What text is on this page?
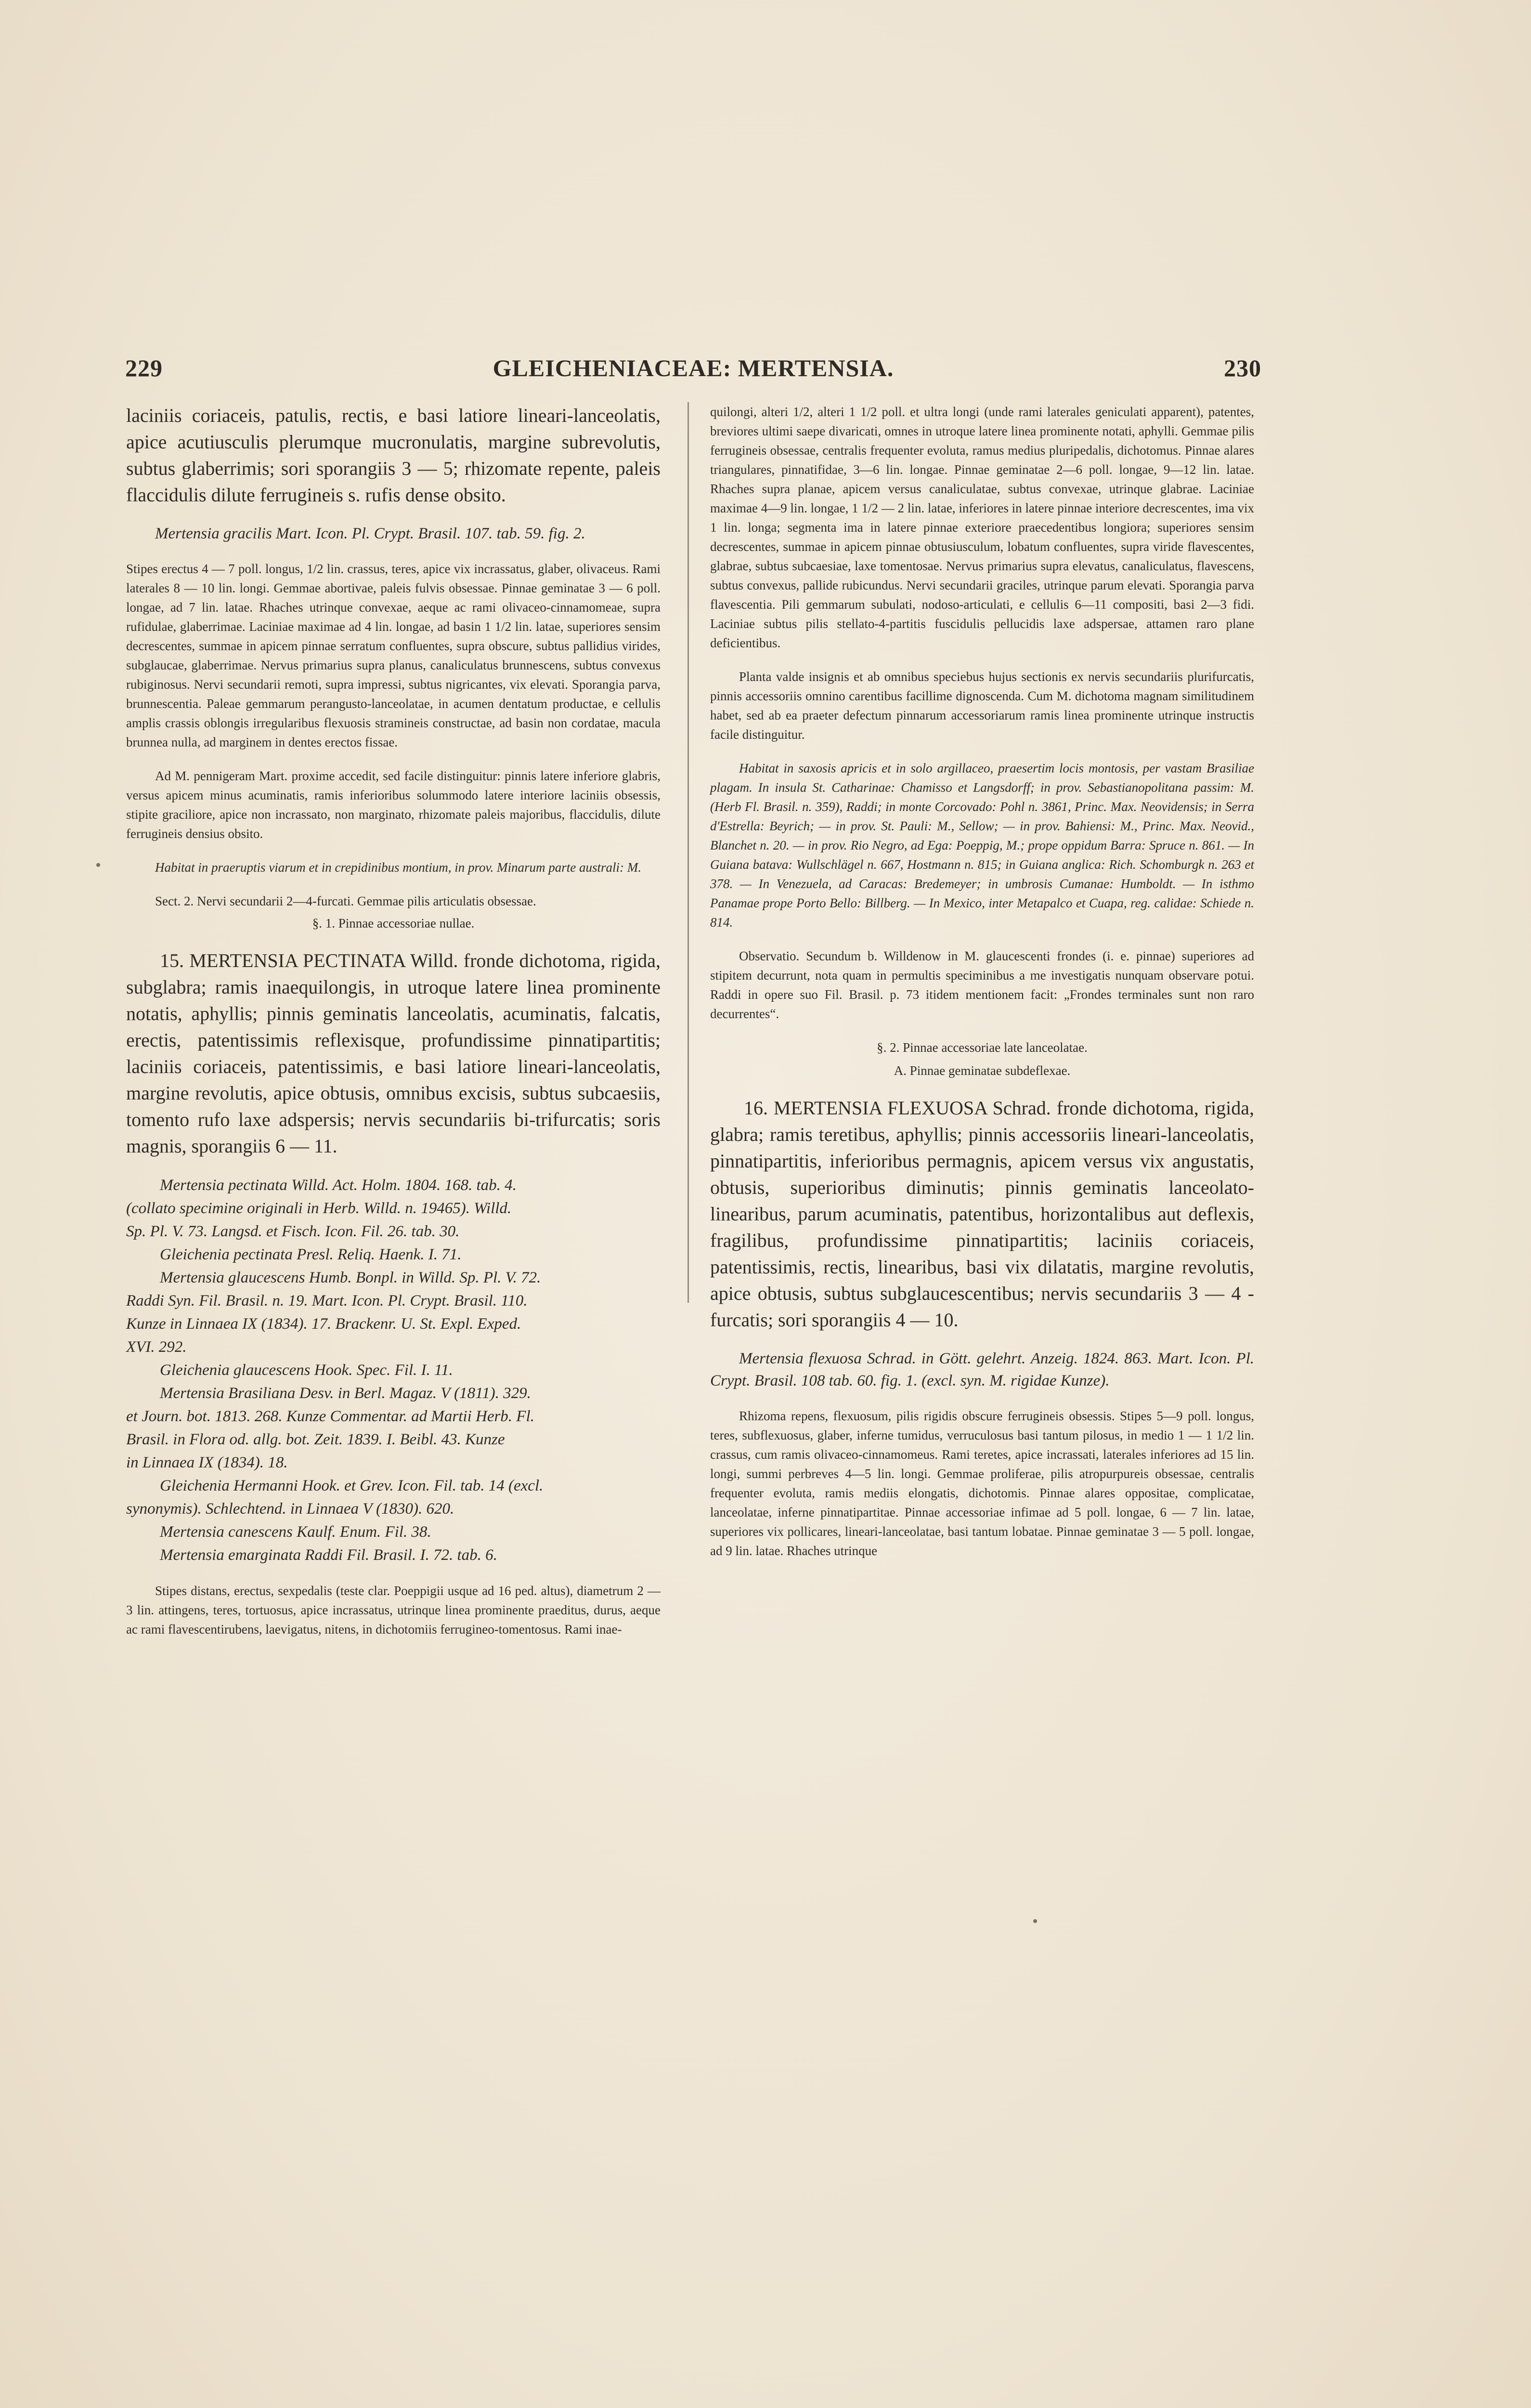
229	GLEICHENIACEAE: MERTENSIA.	230

laciniis coriaceis, patulis, rectis, e basi latiore lineari-lanceolatis, apice acutiusculis plerumque mucronulatis, margine subrevolutis, subtus glaberrimis; sori sporangiis 3 — 5; rhizomate repente, paleis flaccidulis dilute ferrugineis s. rufis dense obsito.

Mertensia gracilis Mart. Icon. Pl. Crypt. Brasil. 107. tab. 59. fig. 2.

Stipes erectus 4 — 7 poll. longus, 1/2 lin. crassus, teres, apice vix incrassatus, glaber, olivaceus. Rami laterales 8 — 10 lin. longi. Gemmae abortivae, paleis fulvis obsessae. Pinnae geminatae 3 — 6 poll. longae, ad 7 lin. latae. Rhaches utrinque convexae, aeque ac rami olivaceo-cinnamomeae, supra rufidulae, glaberrimae. Laciniae maximae ad 4 lin. longae, ad basin 1 1/2 lin. latae, superiores sensim decrescentes, summae in apicem pinnae serratum confluentes, supra obscure, subtus pallidius virides, subglaucae, glaberrimae. Nervus primarius supra planus, canaliculatus brunnescens, subtus convexus rubiginosus. Nervi secundarii remoti, supra impressi, subtus nigricantes, vix elevati. Sporangia parva, brunnescentia. Paleae gemmarum perangusto-lanceolatae, in acumen dentatum productae, e cellulis amplis crassis oblongis irregularibus flexuosis stramineis constructae, ad basin non cordatae, macula brunnea nulla, ad marginem in dentes erectos fissae.

Ad M. pennigeram Mart. proxime accedit, sed facile distinguitur: pinnis latere inferiore glabris, versus apicem minus acuminatis, ramis inferioribus solummodo latere interiore laciniis obsessis, stipite graciliore, apice non incrassato, non marginato, rhizomate paleis majoribus, flaccidulis, dilute ferrugineis densius obsito.

Habitat in praeruptis viarum et in crepidinibus montium, in prov. Minarum parte australi: M.

Sect. 2. Nervi secundarii 2—4-furcati. Gemmae pilis articulatis obsessae.

§. 1. Pinnae accessoriae nullae.

15. MERTENSIA PECTINATA Willd. fronde dichotoma, rigida, subglabra; ramis inaequilongis, in utroque latere linea prominente notatis, aphyllis; pinnis geminatis lanceolatis, acuminatis, falcatis, erectis, patentissimis reflexisque, profundissime pinnatipartitis; laciniis coriaceis, patentissimis, e basi latiore lineari-lanceolatis, margine revolutis, apice obtusis, omnibus excisis, subtus subcaesiis, tomento rufo laxe adspersis; nervis secundariis bi-trifurcatis; soris magnis, sporangiis 6 — 11.

Mertensia pectinata Willd. Act. Holm. 1804. 168. tab. 4.

(collato specimine originali in Herb. Willd. n. 19465). Willd.

Sp. Pl. V. 73. Langsd. et Fisch. Icon. Fil. 26. tab. 30.

Gleichenia pectinata Presl. Reliq. Haenk. I. 71.

Mertensia glaucescens Humb. Bonpl. in Willd. Sp. Pl. V. 72.

Raddi Syn. Fil. Brasil. n. 19. Mart. Icon. Pl. Crypt. Brasil. 110.

Kunze in Linnaea IX (1834). 17. Brackenr. U. St. Expl. Exped.

XVI. 292.

Gleichenia glaucescens Hook. Spec. Fil. I. 11.

Mertensia Brasiliana Desv. in Berl. Magaz. V (1811). 329.

et Journ. bot. 1813. 268. Kunze Commentar. ad Martii Herb. Fl.

Brasil. in Flora od. allg. bot. Zeit. 1839. I. Beibl. 43. Kunze

in Linnaea IX (1834). 18.

Gleichenia Hermanni Hook. et Grev. Icon. Fil. tab. 14 (excl.

synonymis). Schlechtend. in Linnaea V (1830). 620.

Mertensia canescens Kaulf. Enum. Fil. 38.

Mertensia emarginata Raddi Fil. Brasil. I. 72. tab. 6.

Stipes distans, erectus, sexpedalis (teste clar. Poeppigii usque ad 16 ped. altus), diametrum 2 — 3 lin. attingens, teres, tortuosus, apice incrassatus, utrinque linea prominente praeditus, durus, aeque ac rami flavescentirubens, laevigatus, nitens, in dichotomiis ferrugineo-tomentosus. Rami inae-

quilongi, alteri 1/2, alteri 1 1/2 poll. et ultra longi (unde rami laterales geniculati apparent), patentes, breviores ultimi saepe divaricati, omnes in utroque latere linea prominente notati, aphylli. Gemmae pilis ferrugineis obsessae, centralis frequenter evoluta, ramus medius pluripedalis, dichotomus. Pinnae alares triangulares, pinnatifidae, 3—6 lin. longae. Pinnae geminatae 2—6 poll. longae, 9—12 lin. latae. Rhaches supra planae, apicem versus canaliculatae, subtus convexae, utrinque glabrae. Laciniae maximae 4—9 lin. longae, 1 1/2 — 2 lin. latae, inferiores in latere pinnae interiore decrescentes, ima vix 1 lin. longa; segmenta ima in latere pinnae exteriore praecedentibus longiora; superiores sensim decrescentes, summae in apicem pinnae obtusiusculum, lobatum confluentes, supra viride flavescentes, glabrae, subtus subcaesiae, laxe tomentosae. Nervus primarius supra elevatus, canaliculatus, flavescens, subtus convexus, pallide rubicundus. Nervi secundarii graciles, utrinque parum elevati. Sporangia parva flavescentia. Pili gemmarum subulati, nodoso-articulati, e cellulis 6—11 compositi, basi 2—3 fidi. Laciniae subtus pilis stellato-4-partitis fuscidulis pellucidis laxe adspersae, attamen raro plane deficientibus.

Planta valde insignis et ab omnibus speciebus hujus sectionis ex nervis secundariis plurifurcatis, pinnis accessoriis omnino carentibus facillime dignoscenda. Cum M. dichotoma magnam similitudinem habet, sed ab ea praeter defectum pinnarum accessoriarum ramis linea prominente utrinque instructis facile distinguitur.

Habitat in saxosis apricis et in solo argillaceo, praesertim locis montosis, per vastam Brasiliae plagam. In insula St. Catharinae: Chamisso et Langsdorff; in prov. Sebastianopolitana passim: M. (Herb Fl. Brasil. n. 359), Raddi; in monte Corcovado: Pohl n. 3861, Princ. Max. Neovidensis; in Serra d'Estrella: Beyrich; — in prov. St. Pauli: M., Sellow; — in prov. Bahiensi: M., Princ. Max. Neovid., Blanchet n. 20. — in prov. Rio Negro, ad Ega: Poeppig, M.; prope oppidum Barra: Spruce n. 861. — In Guiana batava: Wullschlägel n. 667, Hostmann n. 815; in Guiana anglica: Rich. Schomburgk n. 263 et 378. — In Venezuela, ad Caracas: Bredemeyer; in umbrosis Cumanae: Humboldt. — In isthmo Panamae prope Porto Bello: Billberg. — In Mexico, inter Metapalco et Cuapa, reg. calidae: Schiede n. 814.

Observatio. Secundum b. Willdenow in M. glaucescenti frondes (i. e. pinnae) superiores ad stipitem decurrunt, nota quam in permultis speciminibus a me investigatis nunquam observare potui. Raddi in opere suo Fil. Brasil. p. 73 itidem mentionem facit: „Frondes terminales sunt non raro decurrentes“.

§. 2. Pinnae accessoriae late lanceolatae.

A. Pinnae geminatae subdeflexae.

16. MERTENSIA FLEXUOSA Schrad. fronde dichotoma, rigida, glabra; ramis teretibus, aphyllis; pinnis accessoriis lineari-lanceolatis, pinnatipartitis, inferioribus permagnis, apicem versus vix angustatis, obtusis, superioribus diminutis; pinnis geminatis lanceolato-linearibus, parum acuminatis, patentibus, horizontalibus aut deflexis, fragilibus, profundissime pinnatipartitis; laciniis coriaceis, patentissimis, rectis, linearibus, basi vix dilatatis, margine revolutis, apice obtusis, subtus subglaucescentibus; nervis secundariis 3 — 4 - furcatis; sori sporangiis 4 — 10.

Mertensia flexuosa Schrad. in Gött. gelehrt. Anzeig. 1824. 863. Mart. Icon. Pl. Crypt. Brasil. 108 tab. 60. fig. 1. (excl. syn. M. rigidae Kunze).

Rhizoma repens, flexuosum, pilis rigidis obscure ferrugineis obsessis. Stipes 5—9 poll. longus, teres, subflexuosus, glaber, inferne tumidus, verruculosus basi tantum pilosus, in medio 1 — 1 1/2 lin. crassus, cum ramis olivaceo-cinnamomeus. Rami teretes, apice incrassati, laterales inferiores ad 15 lin. longi, summi perbreves 4—5 lin. longi. Gemmae proliferae, pilis atropurpureis obsessae, centralis frequenter evoluta, ramis mediis elongatis, dichotomis. Pinnae alares oppositae, complicatae, lanceolatae, inferne pinnatipartitae. Pinnae accessoriae infimae ad 5 poll. longae, 6 — 7 lin. latae, superiores vix pollicares, lineari-lanceolatae, basi tantum lobatae. Pinnae geminatae 3 — 5 poll. longae, ad 9 lin. latae. Rhaches utrinque
